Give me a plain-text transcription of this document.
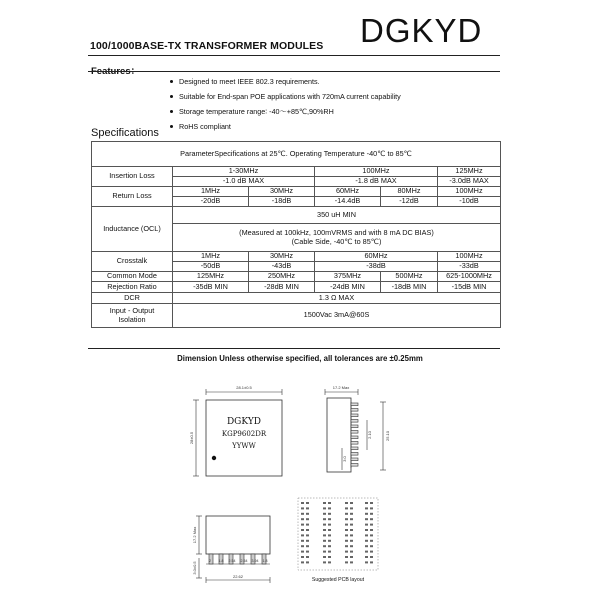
100/1000BASE-TX TRANSFORMER MODULES DGKYD
Features：
Designed to meet IEEE 802.3 requirements.
Suitable for End-span POE applications with 720mA current capability
Storage temperature range∶ -40〜+85℃,90%RH
RoHS compliant
Specifications
ParameterSpecifications at 25℃. Operating Temperature -40℃ to 85℃					
Insertion Loss	1-30MHz		100MHz		125MHz
	-1.0 dB MAX		-1.8 dB MAX		-3.0dB MAX
Return Loss	1MHz	30MHz	60MHz	80MHz	100MHz
	-20dB	-18dB	-14.4dB	-12dB	-10dB
Inductance (OCL)	350 uH MIN				
	(Measured at 100kHz, 100mVRMS and with 8 mA DC BIAS)
(Cable Side, -40℃ to 85℃)				
Crosstalk	1MHz	30MHz	60MHz		100MHz
	-50dB	-43dB	-38dB		-33dB
Common Mode	125MHz	250MHz	375MHz	500MHz	625-1000MHz
Rejection Ratio	-35dB MIN	-28dB MIN	-24dB MIN	-18dB MIN	-15dB MIN
DCR	1.3 Ω MAX				
Input - Output
Isolation	1500Vac 3mA@60S				
Dimension Unless otherwise specified, all tolerances are ±0.25mm
28.1±0.5
28±0.5
DGKYD
KGP9602DR
YYWW
17.2 Max
25.10
2.10
3.0
17.2 Max
3.0±0.5
2 1.8 2.54 2.54 3.94 1.8
22.62
Suggested PCB layout
